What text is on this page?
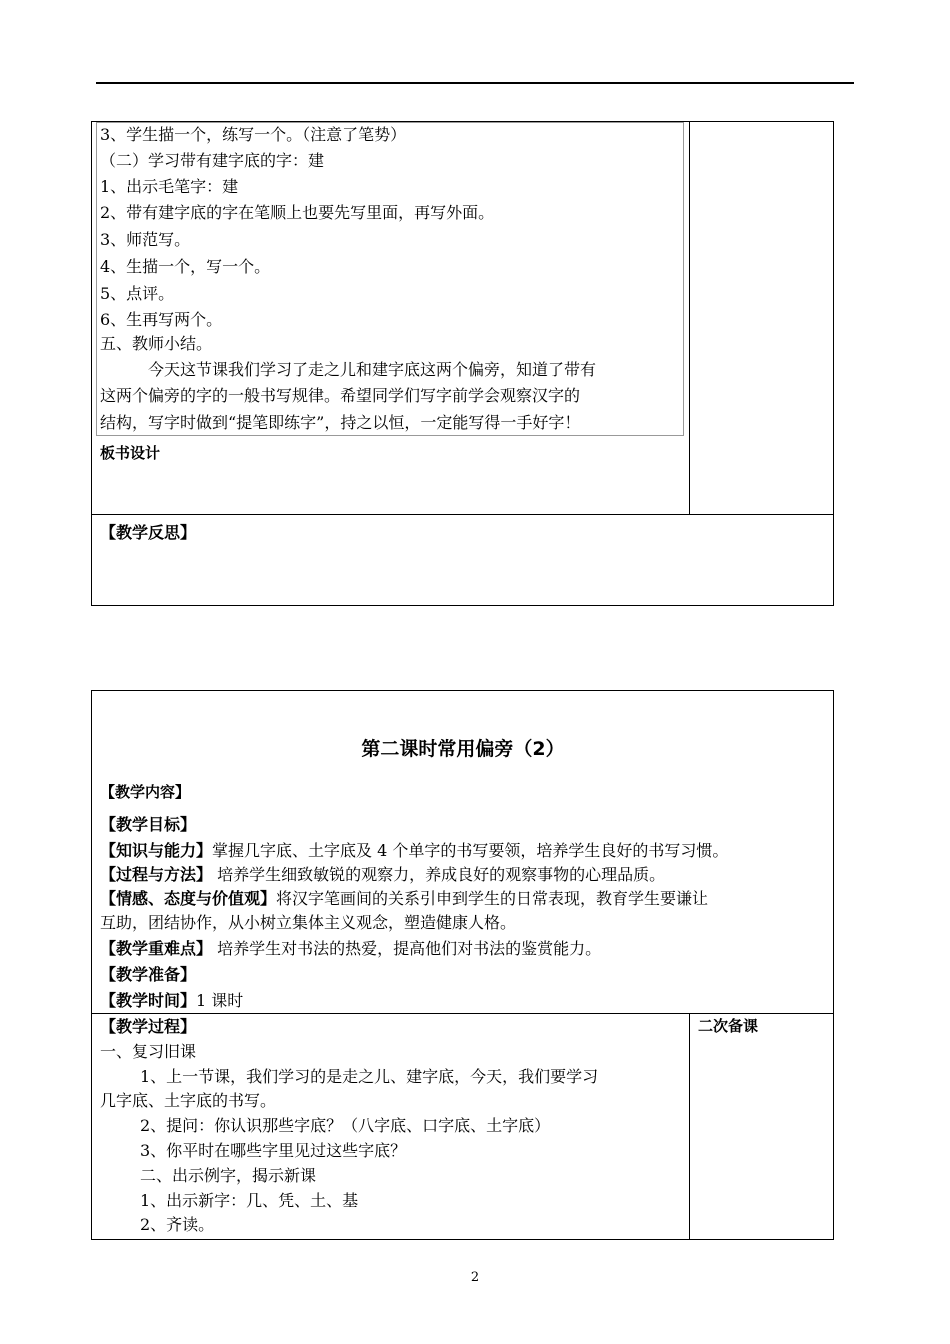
3、学生描一个，练写一个。（注意了笔势）
（二）学习带有建字底的字：建
1、出示毛笔字：建
2、带有建字底的字在笔顺上也要先写里面，再写外面。
3、师范写。
4、生描一个，写一个。
5、点评。
6、生再写两个。
五、教师小结。
今天这节课我们学习了走之儿和建字底这两个偏旁，知道了带有
这两个偏旁的字的一般书写规律。希望同学们写字前学会观察汉字的
结构，写字时做到“提笔即练字”，持之以恒，一定能写得一手好字！
板书设计
【教学反思】
第二课时常用偏旁（2）
【教学内容】
【教学目标】
【知识与能力】掌握几字底、土字底及 4 个单字的书写要领，培养学生良好的书写习惯。
【过程与方法】 培养学生细致敏锐的观察力，养成良好的观察事物的心理品质。
【情感、态度与价值观】将汉字笔画间的关系引申到学生的日常表现，教育学生要谦让
互助，团结协作，从小树立集体主义观念，塑造健康人格。
【教学重难点】 培养学生对书法的热爱，提高他们对书法的鉴赏能力。
【教学准备】
【教学时间】1 课时
【教学过程】	二次备课
一、复习旧课
1、上一节课，我们学习的是走之儿、建字底，今天，我们要学习
几字底、土字底的书写。
2、提问：你认识那些字底？（八字底、口字底、土字底）
3、你平时在哪些字里见过这些字底？
二、出示例字，揭示新课
1、出示新字：几、凭、土、基
2、齐读。
2
